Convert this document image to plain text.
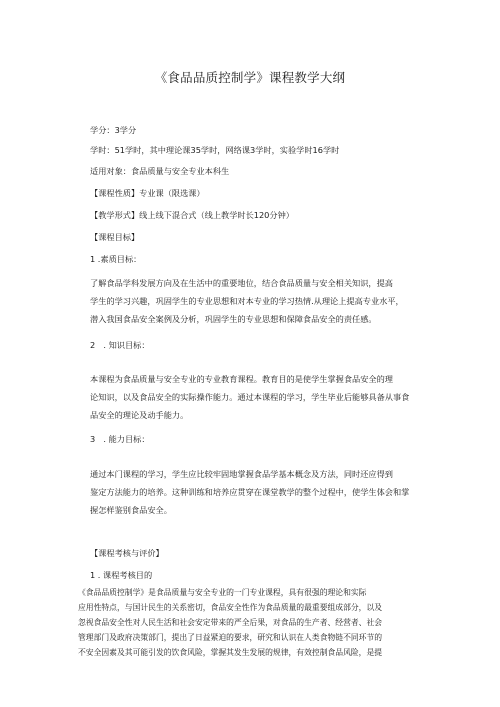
《食品品质控制学》课程教学大纲
学分：3学分
学时：51学时，其中理论课35学时，网络课3学时，实验学时16学时
适用对象：食品质量与安全专业本科生
【课程性质】专业课（限选课）
【教学形式】线上线下混合式（线上教学时长120分钟）
【课程目标】
1 .素质目标：
了解食品学科发展方向及在生活中的重要地位，结合食品质量与安全相关知识，提高
学生的学习兴趣，巩固学生的专业思想和对本专业的学习热情.从理论上提高专业水平，
潜入我国食品安全案例及分析，巩固学生的专业思想和保障食品安全的责任感。
2　. 知识目标：
本课程为食品质量与安全专业的专业教育课程。教育目的是使学生掌握食品安全的理
论知识，以及食品安全的实际操作能力。通过本课程的学习，学生毕业后能够具备从事食
品安全的理论及动手能力。
3　. 能力目标：
通过本门课程的学习，学生应比较牢固地掌握食品学基本概念及方法，同时还应得到
鉴定方法能力的培养。这种训练和培养应贯穿在课堂教学的整个过程中，使学生体会和掌
握怎样鉴别食品安全。
【课程考核与评价】
1 . 课程考核目的
《食品品质控制学》是食品质量与安全专业的一门专业课程，具有很强的理论和实际
应用性特点，与国计民生的关系密切，食品安全性作为食品质量的最重要组成部分，以及
忽视食品安全性对人民生活和社会安定带来的严全后果，对食品的生产者、经营者、社会
管理部门及政府决策部门，提出了日益紧迫的要求，研究和认识在人类食物链不同环节的
不安全因素及其可能引发的饮食风险，掌握其发生发展的规律，有效控制食品风险，是提
